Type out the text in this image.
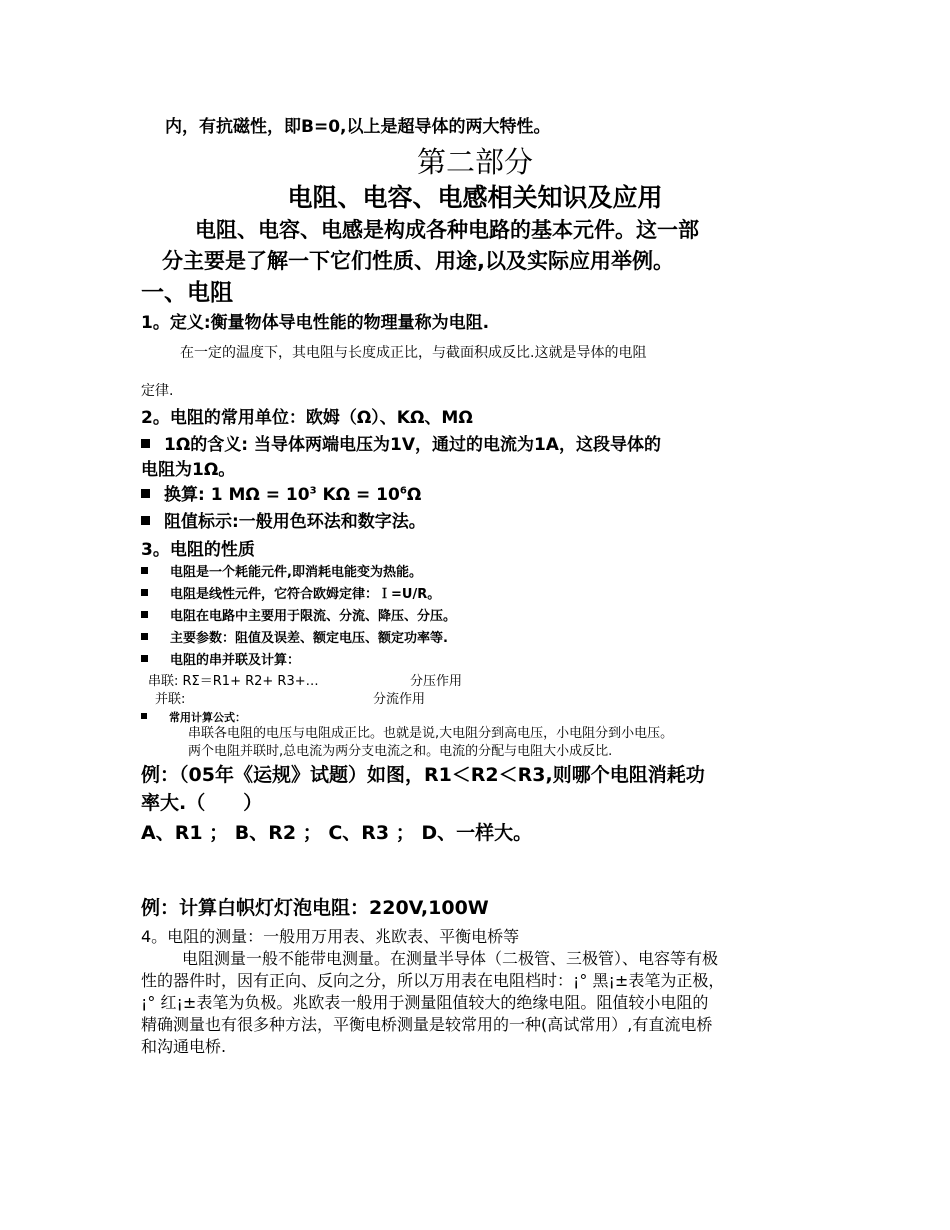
内，有抗磁性，即B=0,以上是超导体的两大特性。
第二部分
电阻、电容、电感相关知识及应用
电阻、电容、电感是构成各种电路的基本元件。这一部
分主要是了解一下它们性质、用途,以及实际应用举例。
一、电阻
1。定义:衡量物体导电性能的物理量称为电阻.
在一定的温度下，其电阻与长度成正比，与截面积成反比.这就是导体的电阻
定律.
2。电阻的常用单位：欧姆（Ω）、KΩ、MΩ
1Ω的含义: 当导体两端电压为1V，通过的电流为1A，这段导体的
电阻为1Ω。
换算: 1 $M\Omega = 10^3$ $K\Omega = 10^6\Omega$
阻值标示:一般用色环法和数字法。
3。电阻的性质
电阻是一个耗能元件,即消耗电能变为热能。
电阻是线性元件，它符合欧姆定律：Ｉ=U/R。
电阻在电路中主要用于限流、分流、降压、分压。
主要参数：阻值及误差、额定电压、额定功率等.
电阻的串并联及计算：
串联: RΣ＝R1+ R2+ R3+…	分压作用
并联:	分流作用
常用计算公式：
串联各电阻的电压与电阻成正比。也就是说,大电阻分到高电压，小电阻分到小电压。
两个电阻并联时,总电流为两分支电流之和。电流的分配与电阻大小成反比.
例：（05年《运规》试题）如图，R1＜R2＜R3,则哪个电阻消耗功
率大.（　　）
A、R1 ； B、R2 ； C、R3 ； D、一样大。
例：计算白帜灯灯泡电阻：220V,100W
4。电阻的测量：一般用万用表、兆欧表、平衡电桥等
电阻测量一般不能带电测量。在测量半导体（二极管、三极管）、电容等有极
性的器件时，因有正向、反向之分，所以万用表在电阻档时：¡° 黑¡±表笔为正极，
¡° 红¡±表笔为负极。兆欧表一般用于测量阻值较大的绝缘电阻。阻值较小电阻的
精确测量也有很多种方法，平衡电桥测量是较常用的一种(高试常用）,有直流电桥
和沟通电桥.
